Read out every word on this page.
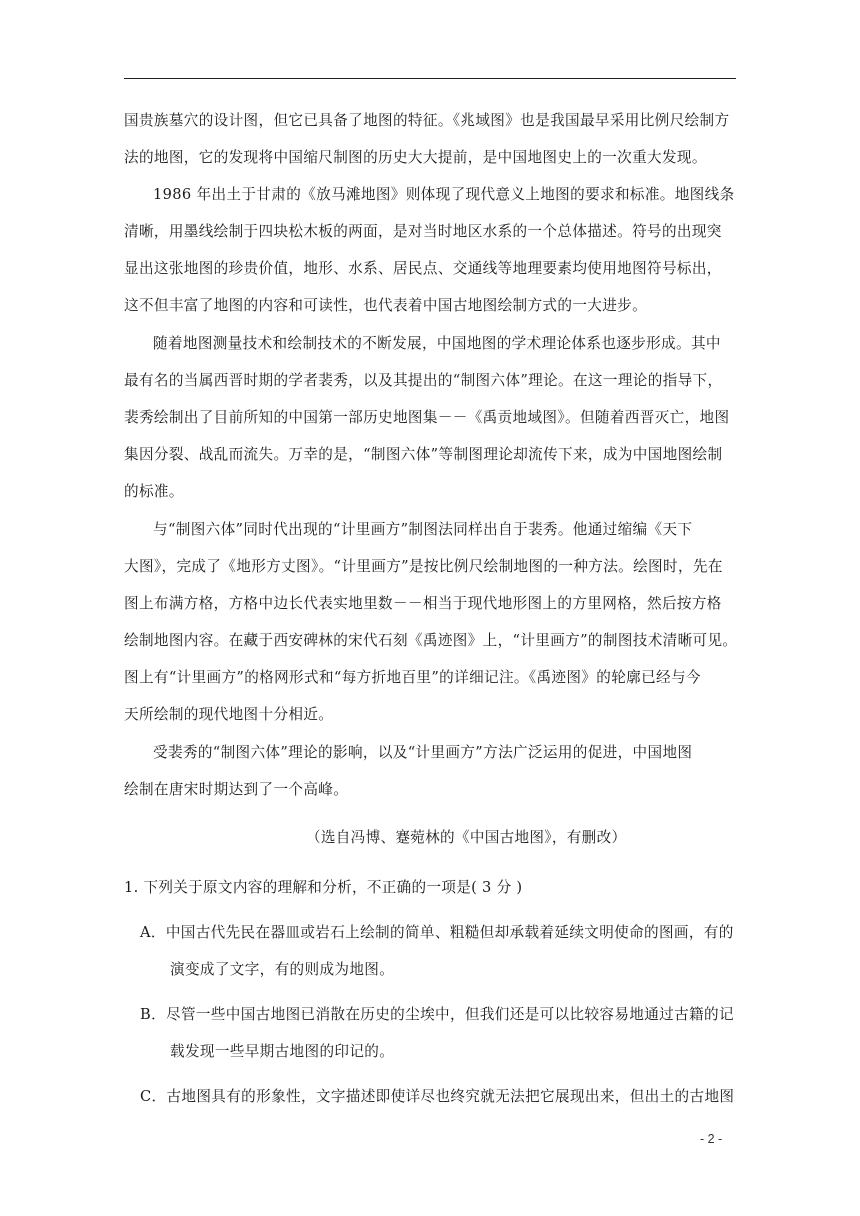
国贵族墓穴的设计图，但它已具备了地图的特征。《兆域图》也是我国最早采用比例尺绘制方
法的地图，它的发现将中国缩尺制图的历史大大提前，是中国地图史上的一次重大发现。

1986 年出土于甘肃的《放马滩地图》则体现了现代意义上地图的要求和标准。地图线条
清晰，用墨线绘制于四块松木板的两面，是对当时地区水系的一个总体描述。符号的出现突
显出这张地图的珍贵价值，地形、水系、居民点、交通线等地理要素均使用地图符号标出，
这不但丰富了地图的内容和可读性，也代表着中国古地图绘制方式的一大进步。

随着地图测量技术和绘制技术的不断发展，中国地图的学术理论体系也逐步形成。其中
最有名的当属西晋时期的学者裴秀，以及其提出的“制图六体”理论。在这一理论的指导下，
裴秀绘制出了目前所知的中国第一部历史地图集－－《禹贡地域图》。但随着西晋灭亡，地图
集因分裂、战乱而流失。万幸的是，“制图六体”等制图理论却流传下来，成为中国地图绘制
的标准。

与“制图六体”同时代出现的“计里画方”制图法同样出自于裴秀。他通过缩编《天下
大图》，完成了《地形方丈图》。“计里画方”是按比例尺绘制地图的一种方法。绘图时，先在
图上布满方格，方格中边长代表实地里数－－相当于现代地形图上的方里网格，然后按方格
绘制地图内容。在藏于西安碑林的宋代石刻《禹迹图》上，“计里画方”的制图技术清晰可见。
图上有“计里画方”的格网形式和“每方折地百里”的详细记注。《禹迹图》的轮廓已经与今
天所绘制的现代地图十分相近。

受裴秀的“制图六体”理论的影响，以及“计里画方”方法广泛运用的促进，中国地图
绘制在唐宋时期达到了一个高峰。

（选自冯博、蹇菀林的《中国古地图》，有删改）
1. 下列关于原文内容的理解和分析，不正确的一项是( 3 分 )
A．中国古代先民在器皿或岩石上绘制的简单、粗糙但却承载着延续文明使命的图画，有的
演变成了文字，有的则成为地图。
B．尽管一些中国古地图已消散在历史的尘埃中，但我们还是可以比较容易地通过古籍的记
载发现一些早期古地图的印记的。
C．古地图具有的形象性，文字描述即使详尽也终究就无法把它展现出来，但出土的古地图
- 2 -
